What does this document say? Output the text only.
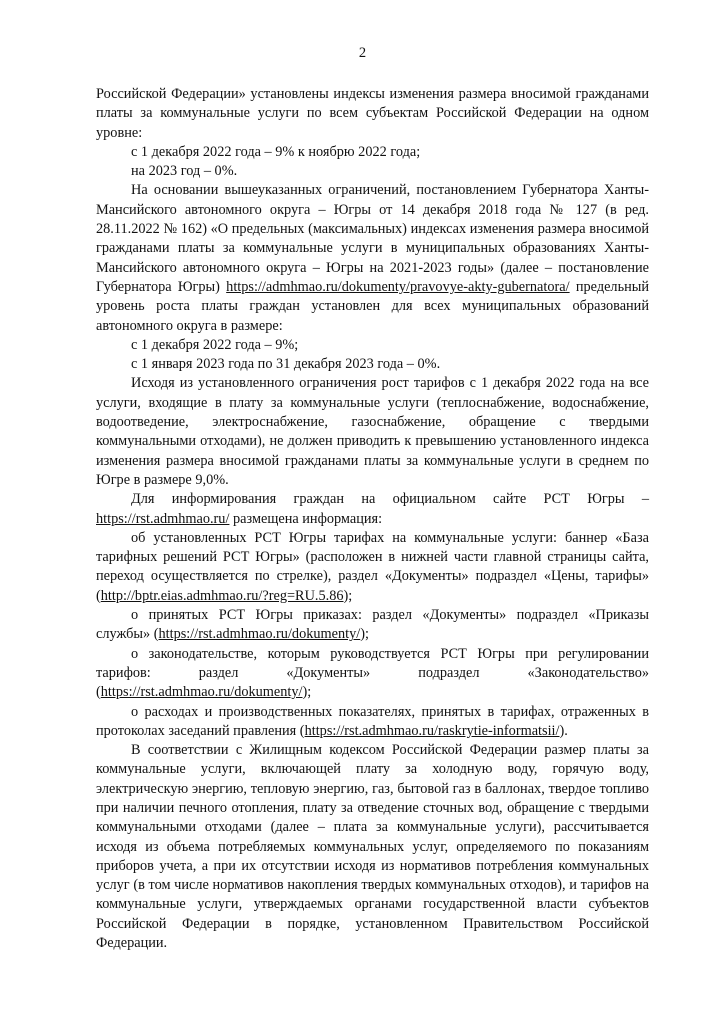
2

Российской Федерации» установлены индексы изменения размера вносимой гражданами платы за коммунальные услуги по всем субъектам Российской Федерации на одном уровне:

с 1 декабря 2022 года – 9% к ноябрю 2022 года;

на 2023 год – 0%.

На основании вышеуказанных ограничений, постановлением Губернатора Ханты-Мансийского автономного округа – Югры от 14 декабря 2018 года № 127 (в ред. 28.11.2022 № 162) «О предельных (максимальных) индексах изменения размера вносимой гражданами платы за коммунальные услуги в муниципальных образованиях Ханты-Мансийского автономного округа – Югры на 2021-2023 годы» (далее – постановление Губернатора Югры) https://admhmao.ru/dokumenty/pravovye-akty-gubernatora/ предельный уровень роста платы граждан установлен для всех муниципальных образований автономного округа в размере:

с 1 декабря 2022 года – 9%;

с 1 января 2023 года по 31 декабря 2023 года – 0%.

Исходя из установленного ограничения рост тарифов с 1 декабря 2022 года на все услуги, входящие в плату за коммунальные услуги (теплоснабжение, водоснабжение, водоотведение, электроснабжение, газоснабжение, обращение с твердыми коммунальными отходами), не должен приводить к превышению установленного индекса изменения размера вносимой гражданами платы за коммунальные услуги в среднем по Югре в размере 9,0%.

Для информирования граждан на официальном сайте РСТ Югры – https://rst.admhmao.ru/ размещена информация:

об установленных РСТ Югры тарифах на коммунальные услуги: баннер «База тарифных решений РСТ Югры» (расположен в нижней части главной страницы сайта, переход осуществляется по стрелке), раздел «Документы» подраздел «Цены, тарифы» (http://bptr.eias.admhmao.ru/?reg=RU.5.86);

о принятых РСТ Югры приказах: раздел «Документы» подраздел «Приказы службы» (https://rst.admhmao.ru/dokumenty/);

о законодательстве, которым руководствуется РСТ Югры при регулировании тарифов: раздел «Документы» подраздел «Законодательство» (https://rst.admhmao.ru/dokumenty/);

о расходах и производственных показателях, принятых в тарифах, отраженных в протоколах заседаний правления (https://rst.admhmao.ru/raskrytie-informatsii/).

В соответствии с Жилищным кодексом Российской Федерации размер платы за коммунальные услуги, включающей плату за холодную воду, горячую воду, электрическую энергию, тепловую энергию, газ, бытовой газ в баллонах, твердое топливо при наличии печного отопления, плату за отведение сточных вод, обращение с твердыми коммунальными отходами (далее – плата за коммунальные услуги), рассчитывается исходя из объема потребляемых коммунальных услуг, определяемого по показаниям приборов учета, а при их отсутствии исходя из нормативов потребления коммунальных услуг (в том числе нормативов накопления твердых коммунальных отходов), и тарифов на коммунальные услуги, утверждаемых органами государственной власти субъектов Российской Федерации в порядке, установленном Правительством Российской Федерации.
